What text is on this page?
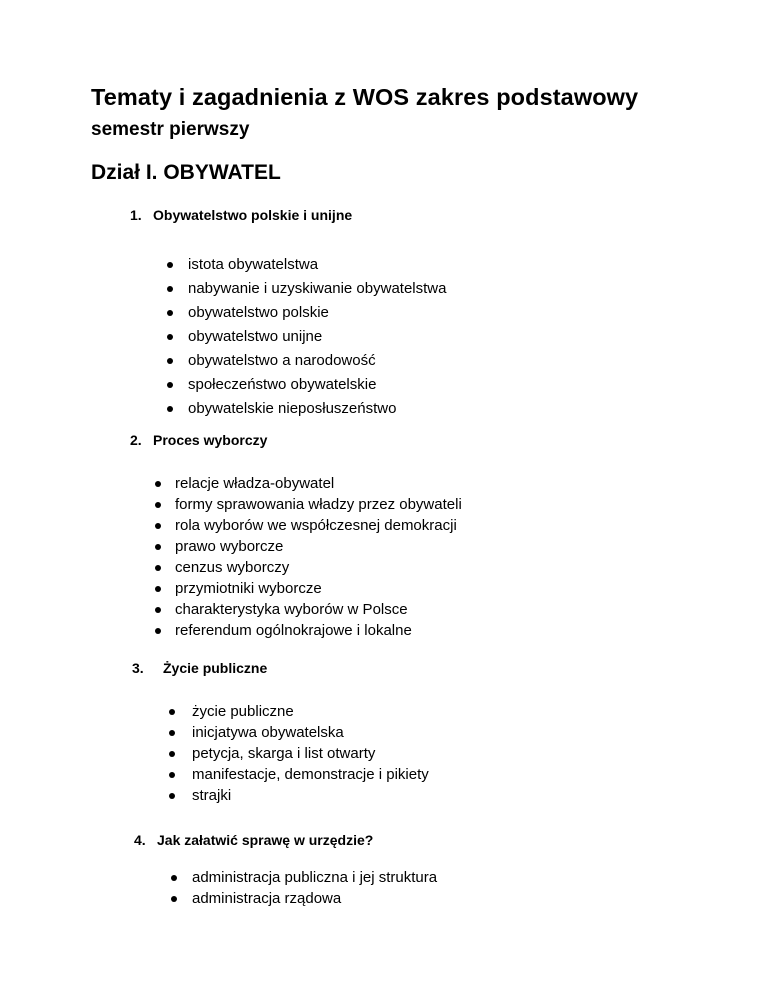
Tematy i zagadnienia z WOS zakres podstawowy
semestr pierwszy
Dział I. OBYWATEL
1. Obywatelstwo polskie i unijne
istota obywatelstwa
nabywanie i uzyskiwanie obywatelstwa
obywatelstwo polskie
obywatelstwo unijne
obywatelstwo a narodowość
społeczeństwo obywatelskie
obywatelskie nieposłuszeństwo
2. Proces wyborczy
relacje władza-obywatel
formy sprawowania władzy przez obywateli
rola wyborów we współczesnej demokracji
prawo wyborcze
cenzus wyborczy
przymiotniki wyborcze
charakterystyka wyborów w Polsce
referendum ogólnokrajowe i lokalne
3. Życie publiczne
życie publiczne
inicjatywa obywatelska
petycja, skarga i list otwarty
manifestacje, demonstracje i pikiety
strajki
4. Jak załatwić sprawę w urzędzie?
administracja publiczna i jej struktura
administracja rządowa
